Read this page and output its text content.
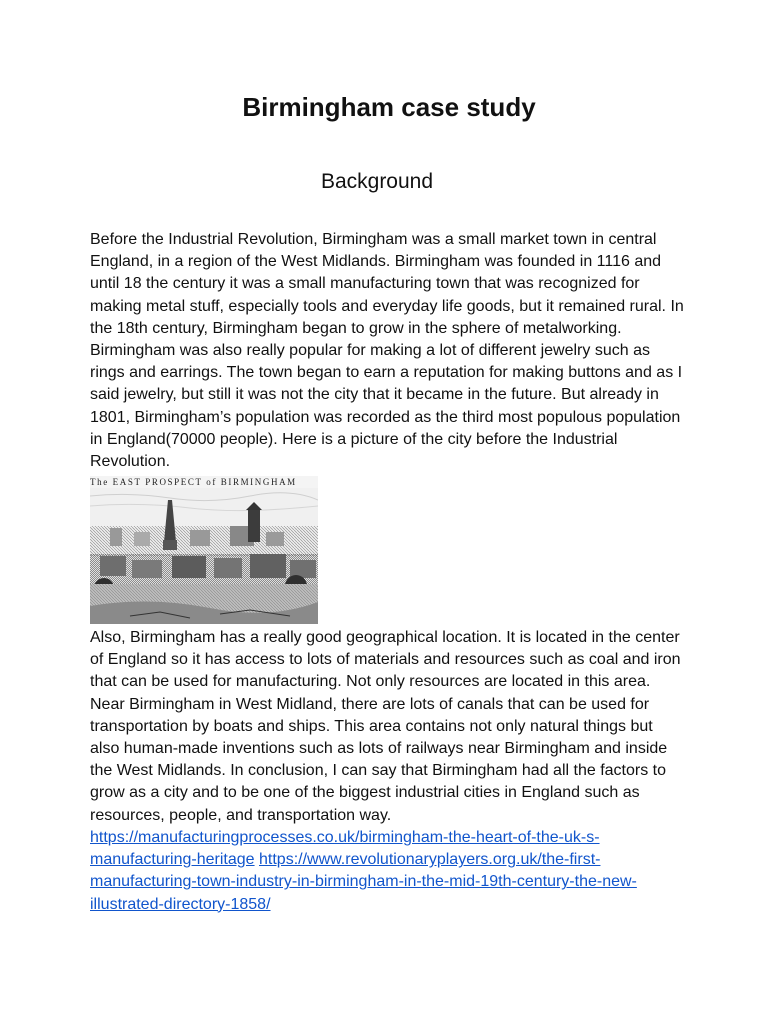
Birmingham case study
Background

Before the Industrial Revolution, Birmingham was a small market town in central England, in a region of the West Midlands. Birmingham was founded in 1116 and until 18 the century it was a small manufacturing town that was recognized for making metal stuff, especially tools and everyday life goods, but it remained rural. In the 18th century, Birmingham began to grow in the sphere of metalworking. Birmingham was also really popular for making a lot of different jewelry such as rings and earrings. The town began to earn a reputation for making buttons and as I said jewelry, but still it was not the city that it became in the future. But already in 1801, Birmingham’s population was recorded as the third most populous population in England(70000 people). Here is a picture of the city before the Industrial Revolution.

The EAST PROSPECT of BIRMINGHAM

Also, Birmingham has a really good geographical location. It is located in the center of England so it has access to lots of materials and resources such as coal and iron that can be used for manufacturing. Not only resources are located in this area. Near Birmingham in West Midland, there are lots of canals that can be used for transportation by boats and ships. This area contains not only natural things but also human-made inventions such as lots of railways near Birmingham and inside the West Midlands. In conclusion, I can say that Birmingham had all the factors to grow as a city and to be one of the biggest industrial cities in England such as resources, people, and transportation way.

https://manufacturingprocesses.co.uk/birmingham-the-heart-of-the-uk-s-manufacturing-heritage https://www.revolutionaryplayers.org.uk/the-first-manufacturing-town-industry-in-birmingham-in-the-mid-19th-century-the-new-illustrated-directory-1858/
